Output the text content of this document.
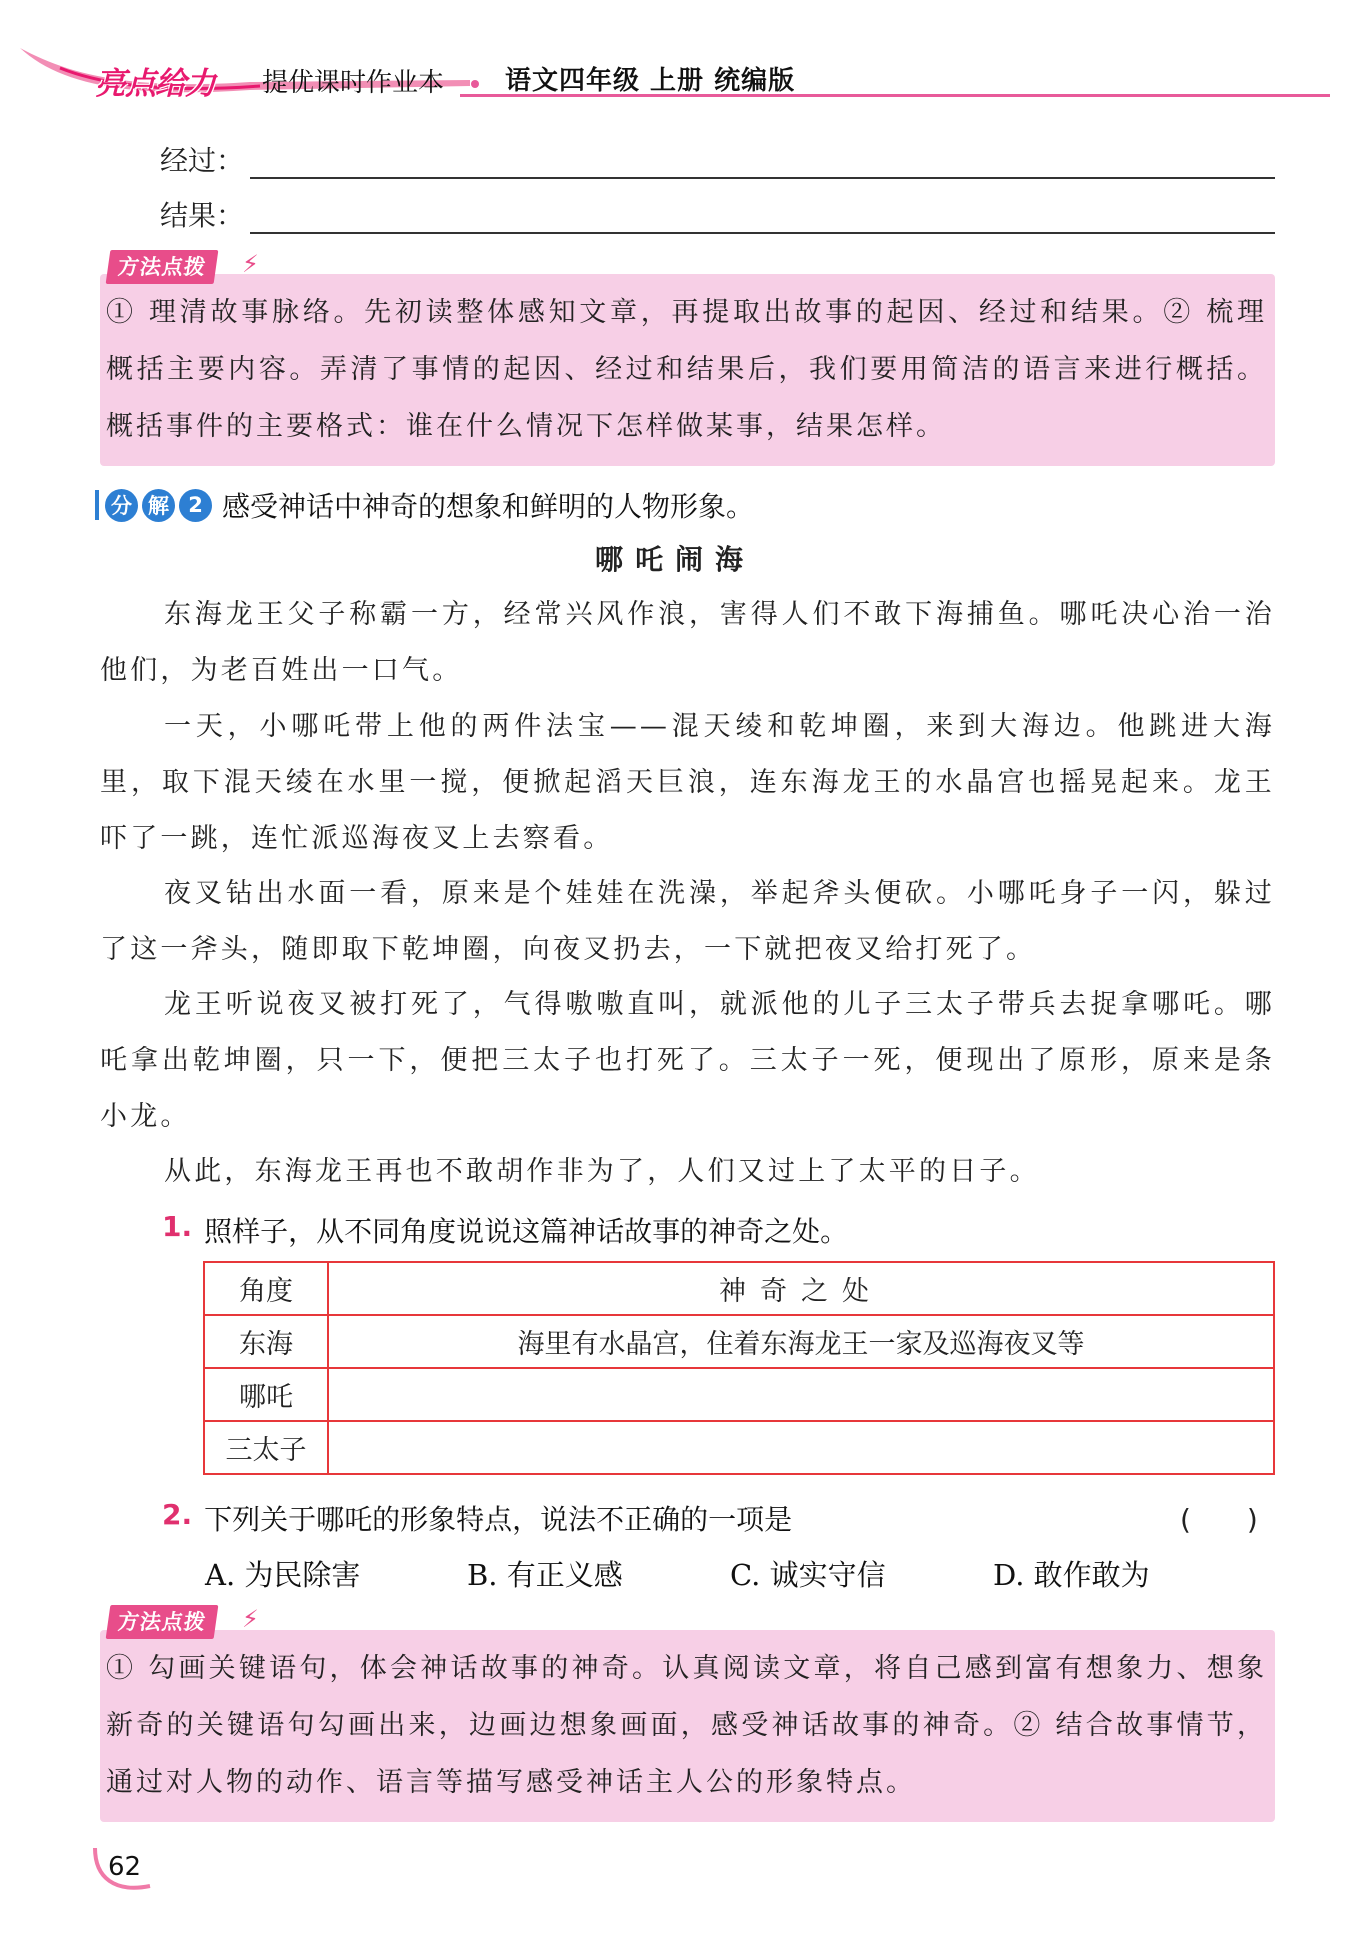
亮点给力 提优课时作业本 语文四年级 上册 统编版
经过：
结果：
① 理清故事脉络。先初读整体感知文章，再提取出故事的起因、经过和结果。② 梳理概括主要内容。弄清了事情的起因、经过和结果后，我们要用简洁的语言来进行概括。概括事件的主要格式：谁在什么情况下怎样做某事，结果怎样。
方法点拨	⚡
分 解 2 感受神话中神奇的想象和鲜明的人物形象。
哪吒闹海

东海龙王父子称霸一方，经常兴风作浪，害得人们不敢下海捕鱼。哪吒决心治一治他们，为老百姓出一口气。

一天，小哪吒带上他的两件法宝——混天绫和乾坤圈，来到大海边。他跳进大海里，取下混天绫在水里一搅，便掀起滔天巨浪，连东海龙王的水晶宫也摇晃起来。龙王吓了一跳，连忙派巡海夜叉上去察看。

夜叉钻出水面一看，原来是个娃娃在洗澡，举起斧头便砍。小哪吒身子一闪，躲过了这一斧头，随即取下乾坤圈，向夜叉扔去，一下就把夜叉给打死了。

龙王听说夜叉被打死了，气得嗷嗷直叫，就派他的儿子三太子带兵去捉拿哪吒。哪吒拿出乾坤圈，只一下，便把三太子也打死了。三太子一死，便现出了原形，原来是条小龙。

从此，东海龙王再也不敢胡作非为了，人们又过上了太平的日子。

1. 照样子，从不同角度说说这篇神话故事的神奇之处。
角度	神奇之处
东海	海里有水晶宫，住着东海龙王一家及巡海夜叉等
哪吒	
三太子	
2. 下列关于哪吒的形象特点，说法不正确的一项是	(　　)
A. 为民除害	B. 有正义感	C. 诚实守信	D. 敢作敢为
① 勾画关键语句，体会神话故事的神奇。认真阅读文章，将自己感到富有想象力、想象新奇的关键语句勾画出来，边画边想象画面，感受神话故事的神奇。② 结合故事情节，通过对人物的动作、语言等描写感受神话主人公的形象特点。
方法点拨	⚡
62
